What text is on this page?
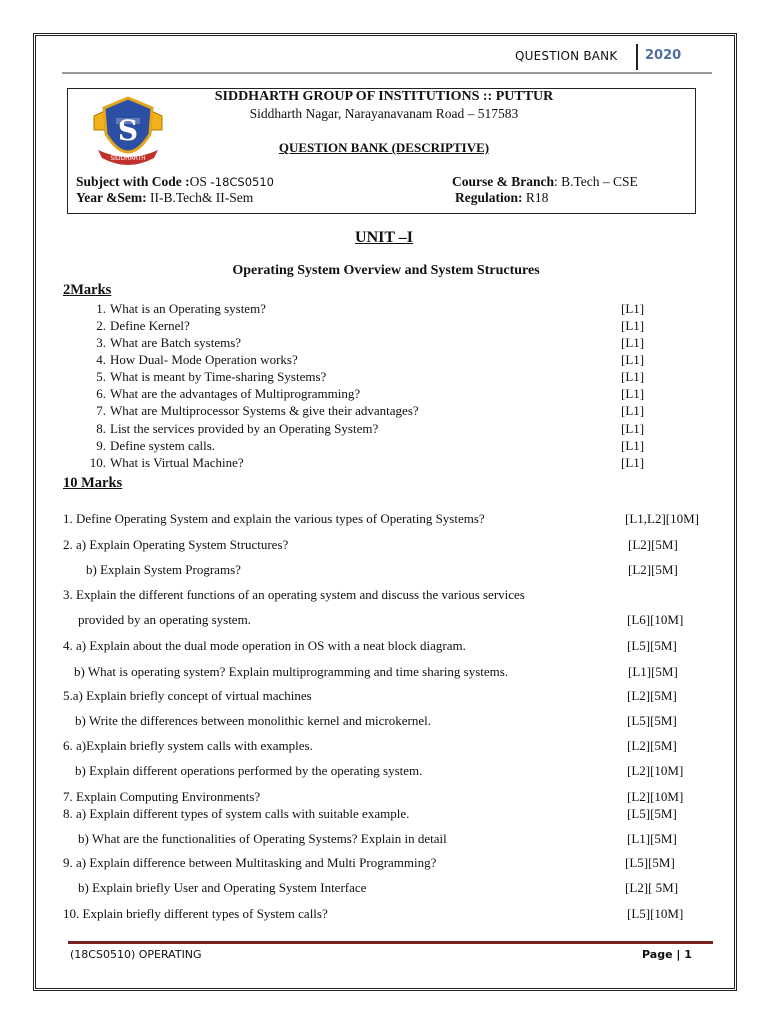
QUESTION BANK 2020
S
SIDDHARTH
SIDDHARTH GROUP OF INSTITUTIONS :: PUTTUR
Siddharth Nagar, Narayanavanam Road – 517583
QUESTION BANK (DESCRIPTIVE)
Subject with Code :OS -18CS0510	Course & Branch: B.Tech – CSE
Year &Sem: II-B.Tech& II-Sem	Regulation: R18
UNIT –I
Operating System Overview and System Structures
2Marks
1. What is an Operating system?	[L1]
2. Define Kernel?	[L1]
3. What are Batch systems?	[L1]
4. How Dual- Mode Operation works?	[L1]
5. What is meant by Time-sharing Systems?	[L1]
6. What are the advantages of Multiprogramming?	[L1]
7. What are Multiprocessor Systems & give their advantages?	[L1]
8. List the services provided by an Operating System?	[L1]
9. Define system calls.	[L1]
10. What is Virtual Machine?	[L1]
10 Marks
1. Define Operating System and explain the various types of Operating Systems?	[L1,L2][10M]
2. a) Explain Operating System Structures?	[L2][5M]
b) Explain System Programs?	[L2][5M]
3. Explain the different functions of an operating system and discuss the various services
provided by an operating system.	[L6][10M]
4. a) Explain about the dual mode operation in OS with a neat block diagram.	[L5][5M]
b) What is operating system? Explain multiprogramming and time sharing systems.	[L1][5M]
5.a) Explain briefly concept of virtual machines	[L2][5M]
b) Write the differences between monolithic kernel and microkernel.	[L5][5M]
6. a)Explain briefly system calls with examples.	[L2][5M]
b) Explain different operations performed by the operating system.	[L2][10M]
7. Explain Computing Environments?	[L2][10M]
8. a) Explain different types of system calls with suitable example.	[L5][5M]
b) What are the functionalities of Operating Systems? Explain in detail	[L1][5M]
9. a) Explain difference between Multitasking and Multi Programming?	[L5][5M]
b) Explain briefly User and Operating System Interface	[L2][ 5M]
10. Explain briefly different types of System calls?	[L5][10M]
(18CS0510) OPERATING	Page | 1
